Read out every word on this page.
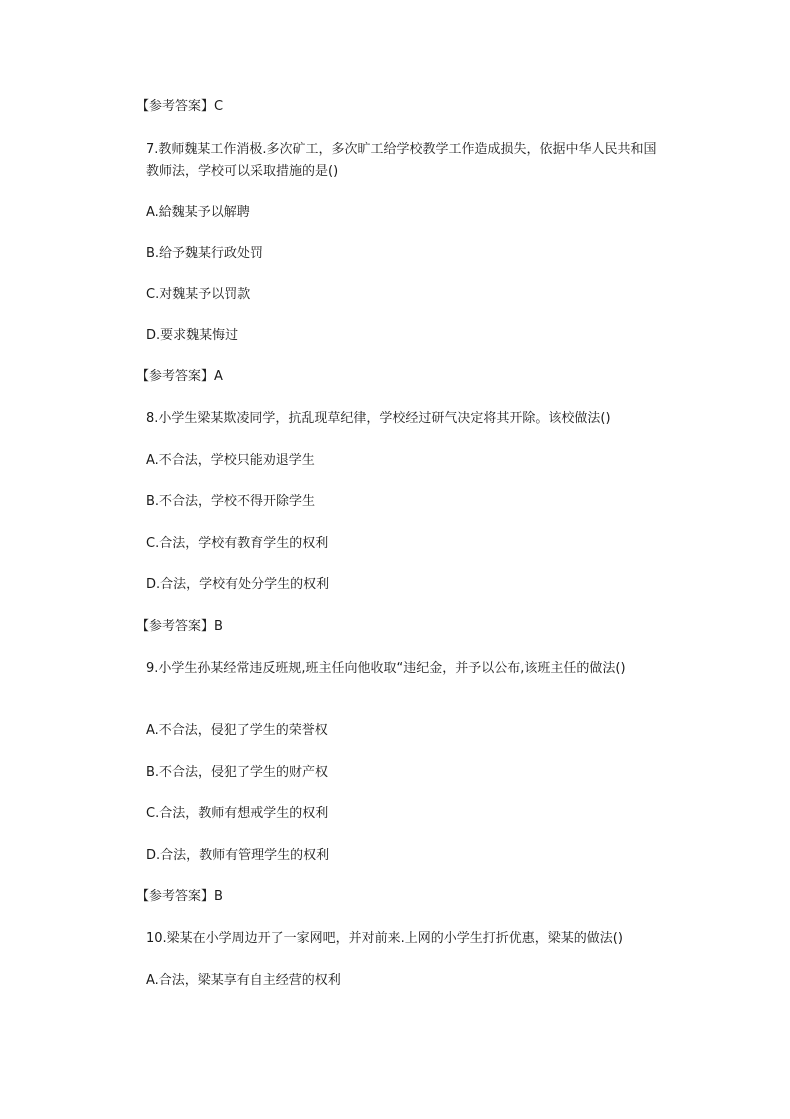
【参考答案】C
7.教师魏某工作消极.多次矿工，多次旷工给学校教学工作造成损失，依据中华人民共和国教师法，学校可以采取措施的是()
A.給魏某予以解聘
B.给予魏某行政处罚
C.对魏某予以罚款
D.要求魏某悔过
【参考答案】A
8.小学生梁某欺凌同学，抗乱现草纪律，学校经过研气决定将其开除。该校做法()
A.不合法，学校只能劝退学生
B.不合法，学校不得开除学生
C.合法，学校有教育学生的权利
D.合法，学校有处分学生的权利
【参考答案】B
9.小学生孙某经常违反班规,班主任向他收取“违纪金，并予以公布,该班主任的做法()
A.不合法，侵犯了学生的荣誉权
B.不合法，侵犯了学生的财产权
C.合法，教师有想戒学生的权利
D.合法，教师有管理学生的权利
【参考答案】B
10.梁某在小学周边开了一家网吧，并对前来.上网的小学生打折优惠，梁某的做法()
A.合法，梁某享有自主经营的权利
